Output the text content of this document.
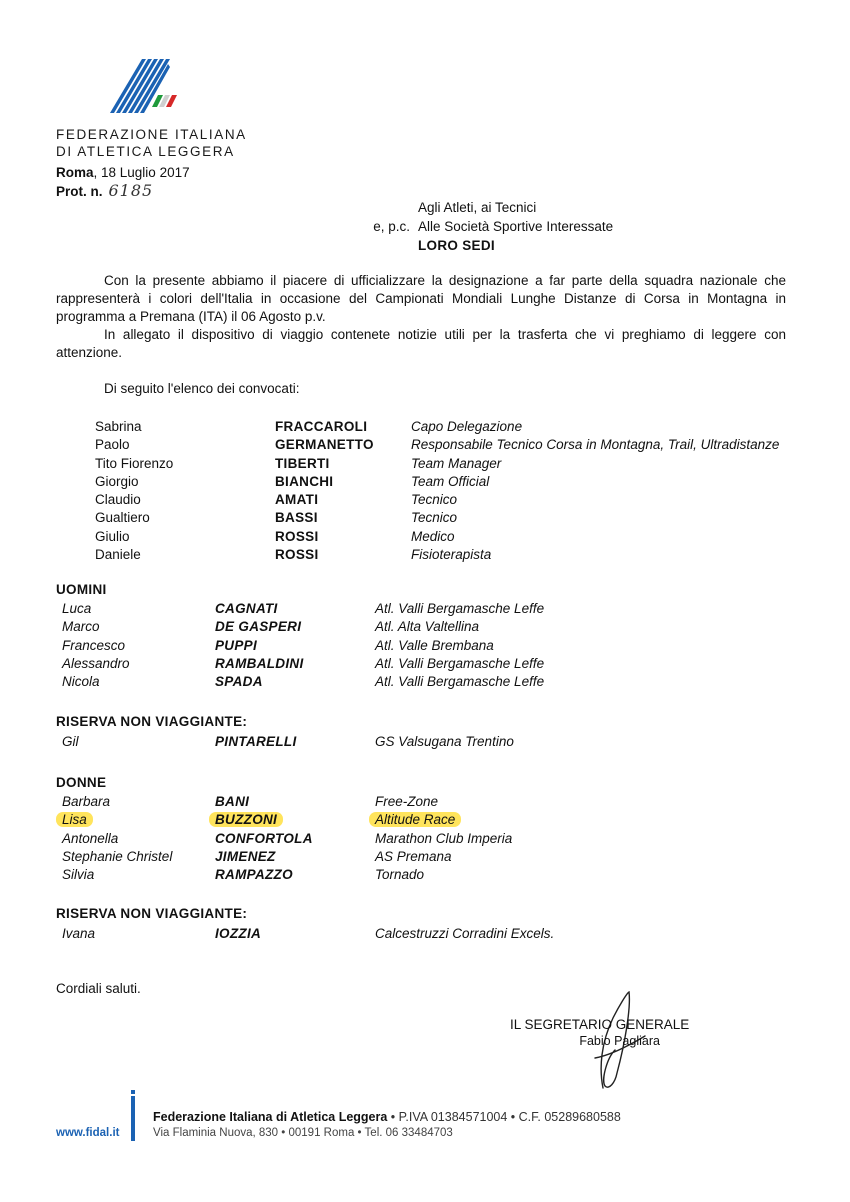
FEDERAZIONE ITALIANA
DI ATLETICA LEGGERA
Roma, 18 Luglio 2017
Prot. n. 6185
Agli Atleti, ai Tecnici
e, p.c. Alle Società Sportive Interessate
LORO SEDI

Con la presente abbiamo il piacere di ufficializzare la designazione a far parte della squadra nazionale che rappresenterà i colori dell'Italia in occasione del Campionati Mondiali Lunghe Distanze di Corsa in Montagna in programma a Premana (ITA) il 06 Agosto p.v.

In allegato il dispositivo di viaggio contenete notizie utili per la trasferta che vi preghiamo di leggere con attenzione.

Di seguito l'elenco dei convocati:
Sabrina	FRACCAROLI	Capo Delegazione
Paolo	GERMANETTO	Responsabile Tecnico Corsa in Montagna, Trail, Ultradistanze
Tito Fiorenzo	TIBERTI	Team Manager
Giorgio	BIANCHI	Team Official
Claudio	AMATI	Tecnico
Gualtiero	BASSI	Tecnico
Giulio	ROSSI	Medico
Daniele	ROSSI	Fisioterapista
UOMINI
Luca	CAGNATI	Atl. Valli Bergamasche Leffe
Marco	DE GASPERI	Atl. Alta Valtellina
Francesco	PUPPI	Atl. Valle Brembana
Alessandro	RAMBALDINI	Atl. Valli Bergamasche Leffe
Nicola	SPADA	Atl. Valli Bergamasche Leffe
RISERVA NON VIAGGIANTE:
Gil	PINTARELLI	GS Valsugana Trentino
DONNE
Barbara	BANI	Free-Zone
Lisa	BUZZONI	Altitude Race
Antonella	CONFORTOLA	Marathon Club Imperia
Stephanie Christel	JIMENEZ	AS Premana
Silvia	RAMPAZZO	Tornado
RISERVA NON VIAGGIANTE:
Ivana	IOZZIA	Calcestruzzi Corradini Excels.
Cordiali saluti.
IL SEGRETARIO GENERALE
Fabio Pagliara
www.fidal.it
Federazione Italiana di Atletica Leggera • P.IVA 01384571004 • C.F. 05289680588
Via Flaminia Nuova, 830 • 00191 Roma • Tel. 06 33484703
